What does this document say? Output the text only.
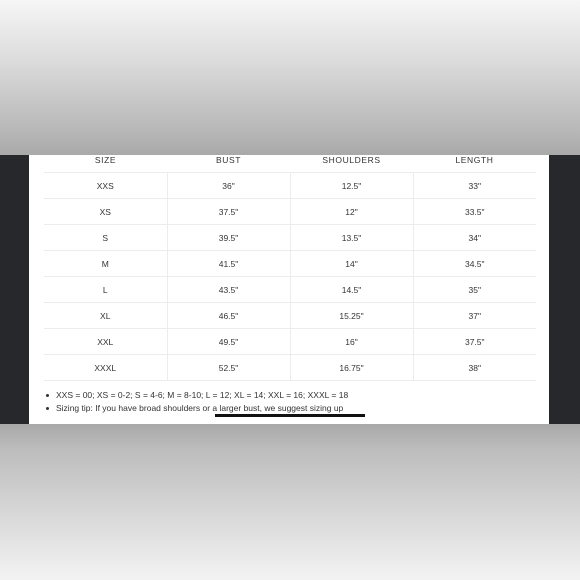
SIZE	BUST	SHOULDERS	LENGTH
XXS	36"	12.5"	33"
XS	37.5"	12"	33.5"
S	39.5"	13.5"	34"
M	41.5"	14"	34.5"
L	43.5"	14.5"	35"
XL	46.5"	15.25"	37"
XXL	49.5"	16"	37.5"
XXXL	52.5"	16.75"	38"
XXS = 00; XS = 0-2; S = 4-6; M = 8-10; L = 12; XL = 14; XXL = 16; XXXL = 18
Sizing tip: If you have broad shoulders or a larger bust, we suggest sizing up
